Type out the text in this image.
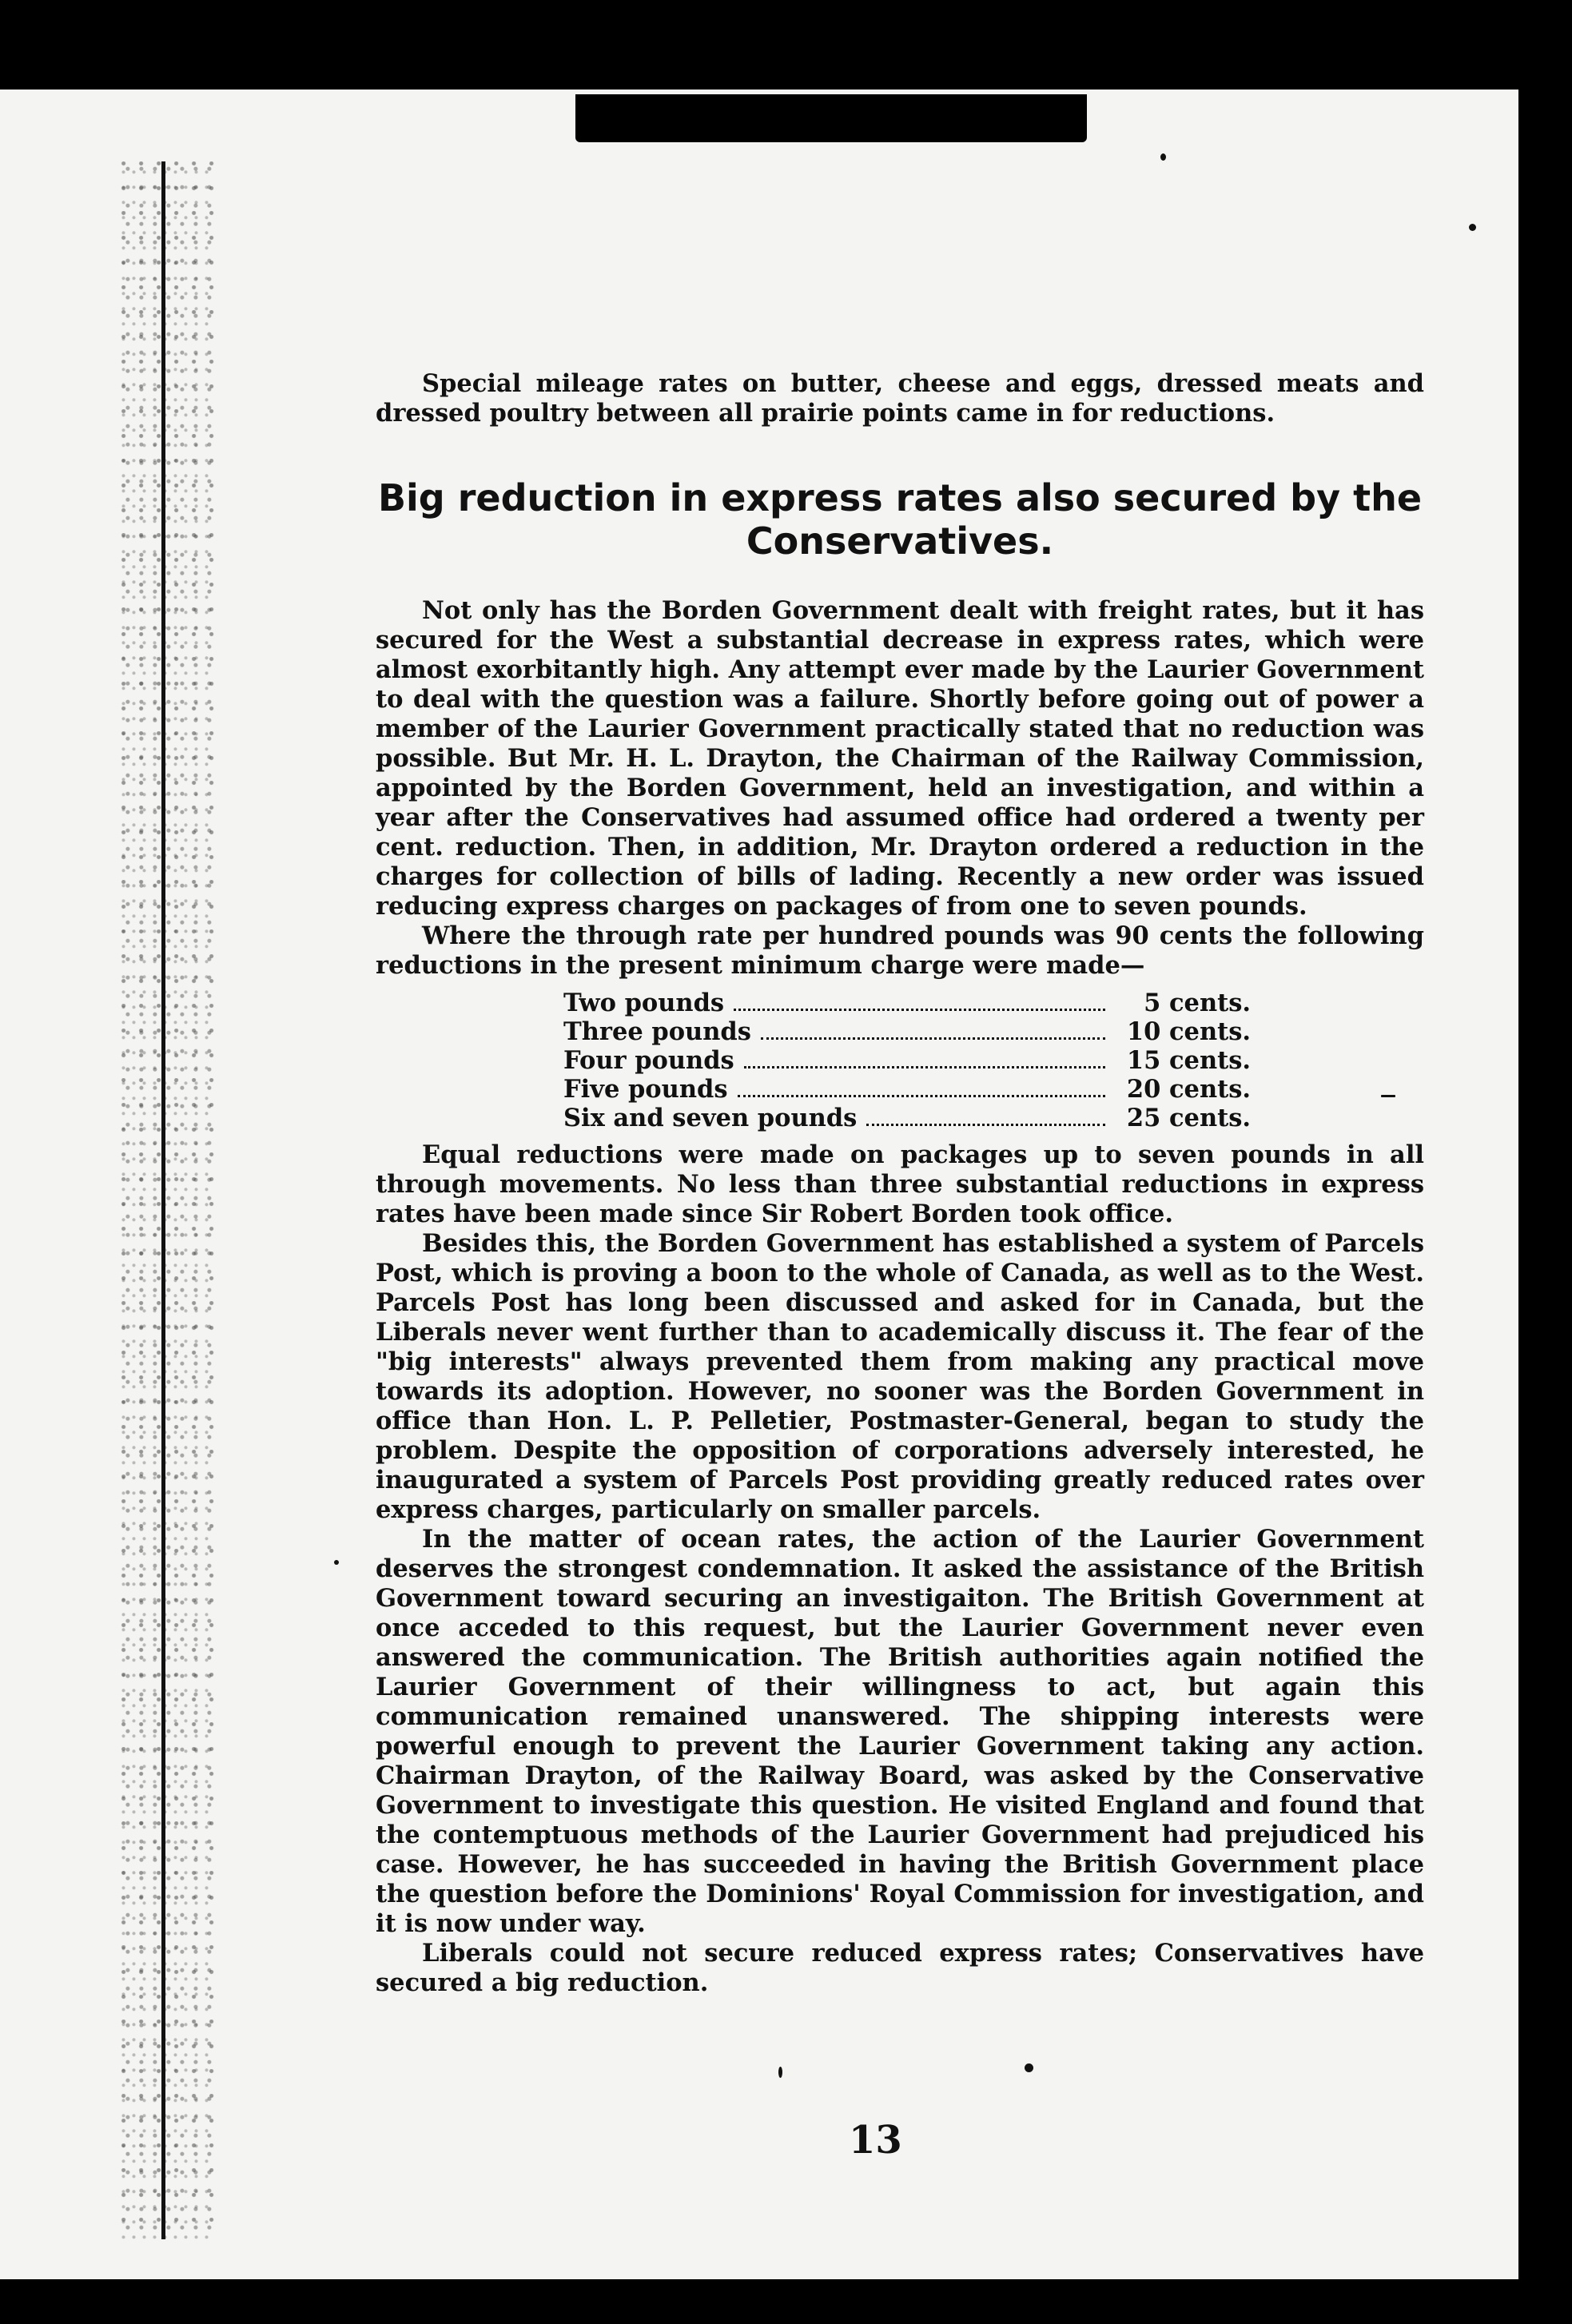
Special mileage rates on butter, cheese and eggs, dressed meats and dressed poultry between all prairie points came in for reductions.

Big reduction in express rates also secured by the Conservatives.

Not only has the Borden Government dealt with freight rates, but it has secured for the West a substantial decrease in express rates, which were almost exorbitantly high. Any attempt ever made by the Laurier Government to deal with the question was a failure. Shortly before going out of power a member of the Laurier Government practically stated that no reduction was possible. But Mr. H. L. Drayton, the Chairman of the Railway Commission, appointed by the Borden Government, held an investigation, and within a year after the Conservatives had assumed office had ordered a twenty per cent. reduction. Then, in addition, Mr. Drayton ordered a reduction in the charges for collection of bills of lading. Recently a new order was issued reducing express charges on packages of from one to seven pounds.

Where the through rate per hundred pounds was 90 cents the following reductions in the present minimum charge were made—

Two pounds	5 cents.
Three pounds	10 cents.
Four pounds	15 cents.
Five pounds	20 cents.
Six and seven pounds	25 cents.

Equal reductions were made on packages up to seven pounds in all through movements. No less than three substantial reductions in express rates have been made since Sir Robert Borden took office.

Besides this, the Borden Government has established a system of Parcels Post, which is proving a boon to the whole of Canada, as well as to the West. Parcels Post has long been discussed and asked for in Canada, but the Liberals never went further than to academically discuss it. The fear of the "big interests" always prevented them from making any practical move towards its adoption. However, no sooner was the Borden Government in office than Hon. L. P. Pelletier, Postmaster-General, began to study the problem. Despite the opposition of corporations adversely interested, he inaugurated a system of Parcels Post providing greatly reduced rates over express charges, particularly on smaller parcels.

In the matter of ocean rates, the action of the Laurier Government deserves the strongest condemnation. It asked the assistance of the British Government toward securing an investigaiton. The British Government at once acceded to this request, but the Laurier Government never even answered the communication. The British authorities again notified the Laurier Government of their willingness to act, but again this communication remained unanswered. The shipping interests were powerful enough to prevent the Laurier Government taking any action. Chairman Drayton, of the Railway Board, was asked by the Conservative Government to investigate this question. He visited England and found that the contemptuous methods of the Laurier Government had prejudiced his case. However, he has succeeded in having the British Government place the question before the Dominions' Royal Commission for investigation, and it is now under way.

Liberals could not secure reduced express rates; Conservatives have secured a big reduction.

13
